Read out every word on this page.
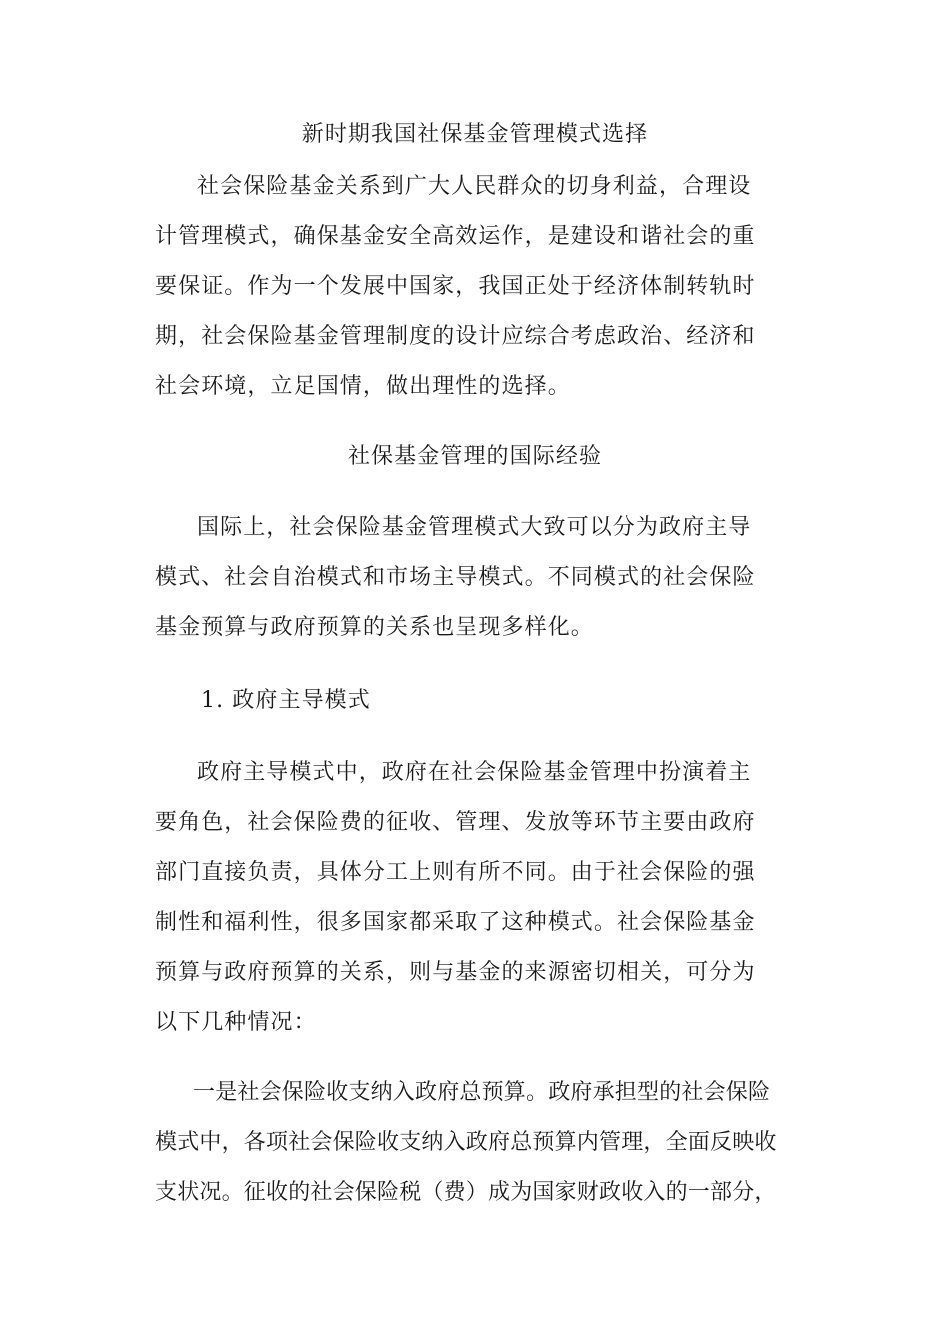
新时期我国社保基金管理模式选择
社会保险基金关系到广大人民群众的切身利益，合理设
计管理模式，确保基金安全高效运作，是建设和谐社会的重
要保证。作为一个发展中国家，我国正处于经济体制转轨时
期，社会保险基金管理制度的设计应综合考虑政治、经济和
社会环境，立足国情，做出理性的选择。
社保基金管理的国际经验
国际上，社会保险基金管理模式大致可以分为政府主导
模式、社会自治模式和市场主导模式。不同模式的社会保险
基金预算与政府预算的关系也呈现多样化。
1. 政府主导模式
政府主导模式中，政府在社会保险基金管理中扮演着主
要角色，社会保险费的征收、管理、发放等环节主要由政府
部门直接负责，具体分工上则有所不同。由于社会保险的强
制性和福利性，很多国家都采取了这种模式。社会保险基金
预算与政府预算的关系，则与基金的来源密切相关，可分为
以下几种情况：
一是社会保险收支纳入政府总预算。政府承担型的社会保险
模式中，各项社会保险收支纳入政府总预算内管理，全面反映收
支状况。征收的社会保险税（费）成为国家财政收入的一部分，
